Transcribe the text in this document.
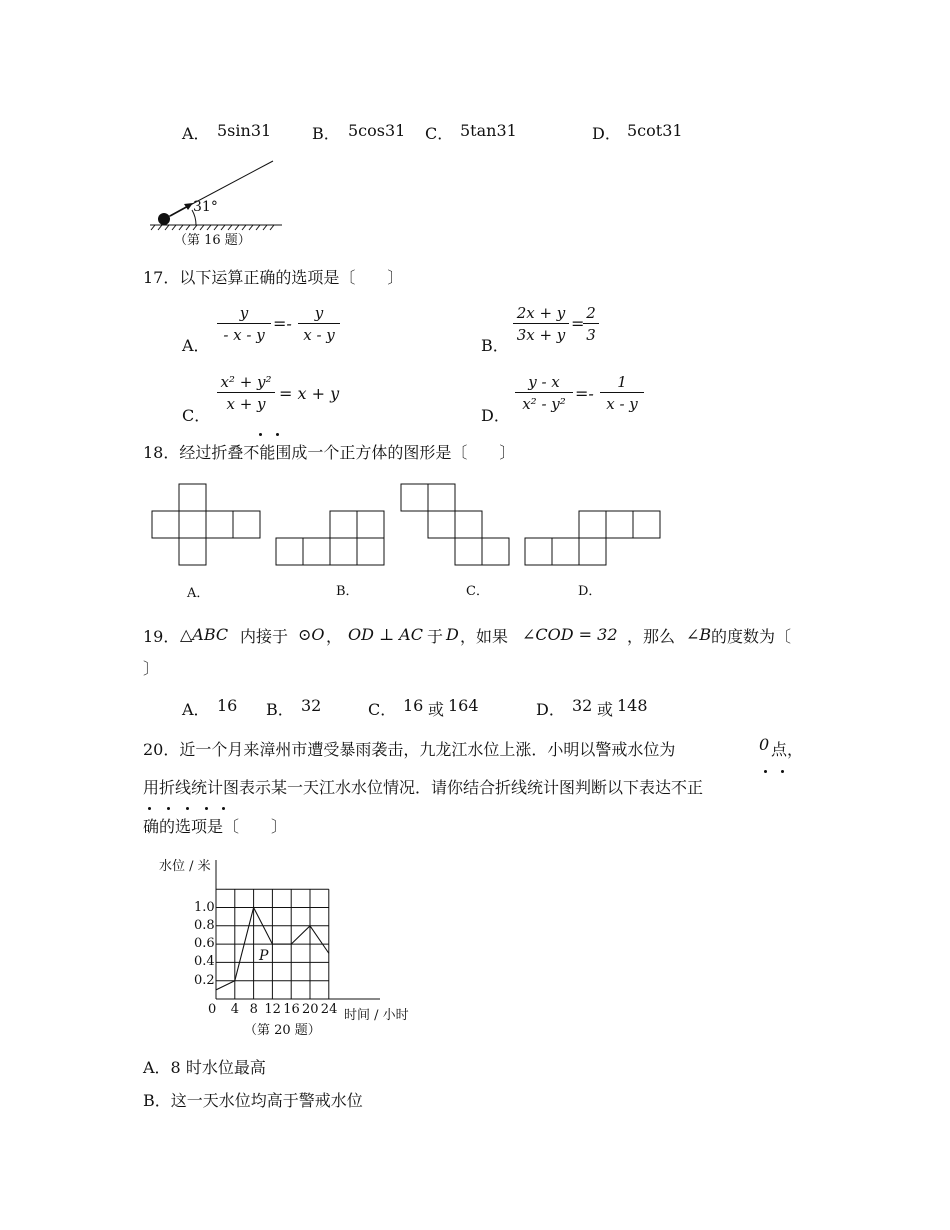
A． 5sin31	B． 5cos31 C． 5tan31	D． 5cot31
31°
（第 16 题）
17．以下运算正确的选项是〔　　〕
A． $\frac{y}{- x - y} =- \frac{y}{x - y}$	B． $\frac{2x + y}{3x + y}$ =
$\frac{2}{3}$
C．
$\frac{\text{x² + y²}}{x + y} = x + y$
D．
$\frac{y - x}{\text{x² - y²}} =- \frac{1}{x - y}$
18．经过折叠不能围成一个正方体的图形是〔　　〕
A．	B．	C．	D．
19． △ABC 内接于 ⊙O ， OD ⊥ AC 于 D ，如果 ∠COD = 32 ，那么 ∠B 的度数为〔
〕
A． 16 B． 32	C． 16 或 164	D． 32 或 148
20．近一个月来漳州市遭受暴雨袭击，九龙江水位上涨．小明以警戒水位为	0 点，
用折线统计图表示某一天江水水位情况．请你结合折线统计图判断以下表达不正
确的选项是〔　　〕
水位 / 米
0.2
0.4
0.6
0.8
1.0
0 4 8 12 16 20 24
P
时间 / 小时
（第 20 题）
A．8 时水位最高
B．这一天水位均高于警戒水位
